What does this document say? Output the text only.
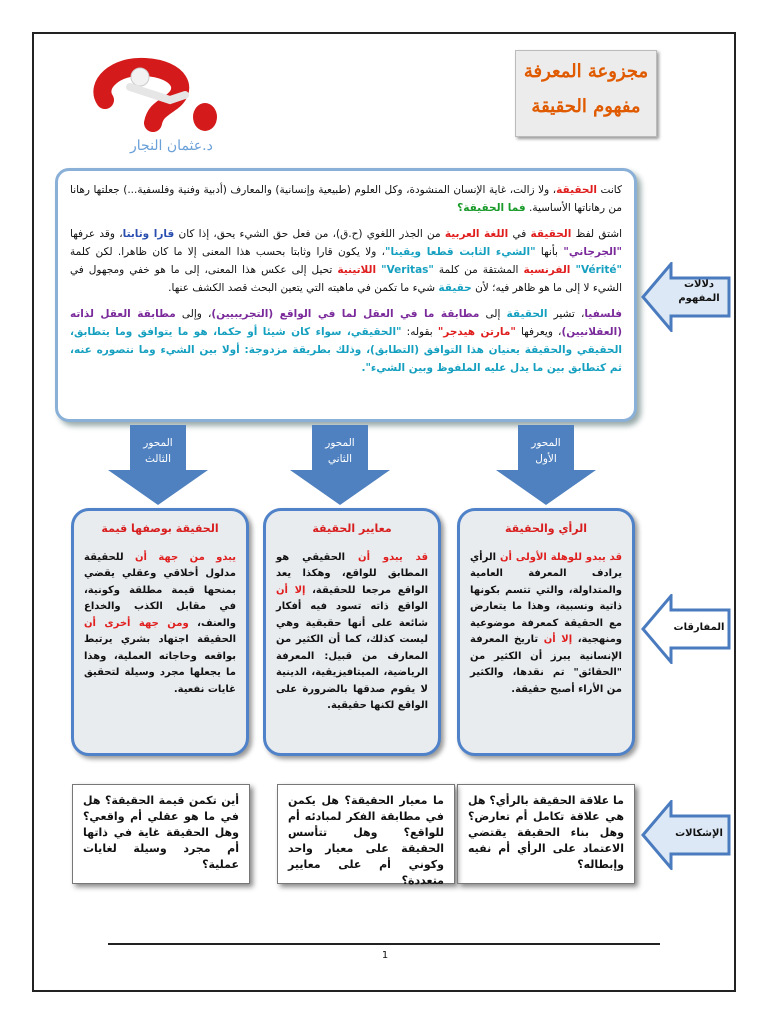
مجزوعة المعرفة
مفهوم الحقيقة
د.عثمان النجار

كانت الحقيقة، ولا زالت، غاية الإنسان المنشودة، وكل العلوم (طبيعية وإنسانية) والمعارف (أدبية وفنية وفلسفية...) جعلتها رهانا من رهاناتها الأساسية. فما الحقيقة؟

اشتق لفظ الحقيقة في اللغة العربية من الجذر اللغوي (ح.ق)، من فعل حق الشيء يحق، إذا كان قارا وثابتا، وقد عرفها "الجرجاني" بأنها "الشيء الثابت قطعا ويقينا"، ولا يكون قارا وثابتا بحسب هذا المعنى إلا ما كان ظاهرا. لكن كلمة "Vérité" الفرنسية المشتقة من كلمة "Veritas" اللاتينية تحيل إلى عكس هذا المعنى، إلى ما هو خفي ومجهول في الشيء لا إلى ما هو ظاهر فيه؛ لأن حقيقة شيء ما تكمن في ماهيته التي يتعين البحث قصد الكشف عنها.

فلسفيا، تشير الحقيقة إلى مطابقة ما في العقل لما في الواقع (التجريبيين)، وإلى مطابقة العقل لذاته (العقلانيين)، ويعرفها "مارتن هيدجر" بقوله: "الحقيقي، سواء كان شيئا أو حكما، هو ما يتوافق وما يتطابق، الحقيقي والحقيقة يعنيان هذا التوافق (التطابق)، وذلك بطريقة مزدوجة: أولا بين الشيء وما نتصوره عنه، ثم كتطابق بين ما يدل عليه الملفوظ وبين الشيء".

دلالات المفهوم
المفارقات
الإشكالات
المحور
الأول
المحور
الثاني
المحور
الثالث
الرأي والحقيقة
قد يبدو للوهلة الأولى أن الرأي يرادف المعرفة العامية والمتداولة، والتي تتسم بكونها ذاتية ونسبية، وهذا ما يتعارض مع الحقيقة كمعرفة موضوعية ومنهجية، إلا أن تاريخ المعرفة الإنسانية يبرز أن الكثير من "الحقائق" تم نقدها، والكثير من الأراء أصبح حقيقة.
معايير الحقيقة
قد يبدو أن الحقيقي هو المطابق للواقع، وهكذا يعد الواقع مرجعا للحقيقة، إلا أن الواقع ذاته تسود فيه أفكار شائعة على أنها حقيقية وهي ليست كذلك، كما أن الكثير من المعارف من قبيل: المعرفة الرياضية، الميتافيزيقية، الدينية لا يقوم صدقها بالضرورة على الواقع لكنها حقيقية.
الحقيقة بوصفها قيمة
يبدو من جهة أن للحقيقة مدلول أخلاقي وعقلي يقضي بمنحها قيمة مطلقة وكونية، في مقابل الكذب والخداع والعنف، ومن جهة أخرى أن الحقيقة اجتهاد بشري يرتبط بواقعه وحاجاته العملية، وهذا ما يجعلها مجرد وسيلة لتحقيق غايات نفعية.
ما علاقة الحقيقة بالرأي؟ هل هي علاقة تكامل أم تعارض؟ وهل بناء الحقيقة يقتضي الاعتماد على الرأي أم نفيه وإبطاله؟
ما معيار الحقيقة؟ هل يكمن في مطابقة الفكر لمبادئه أم للواقع؟ وهل تتأسس الحقيقة على معيار واحد وكوني أم على معايير متعددة؟
أين تكمن قيمة الحقيقة؟ هل في ما هو عقلي أم واقعي؟ وهل الحقيقة غاية في ذاتها أم مجرد وسيلة لغايات عملية؟
1
